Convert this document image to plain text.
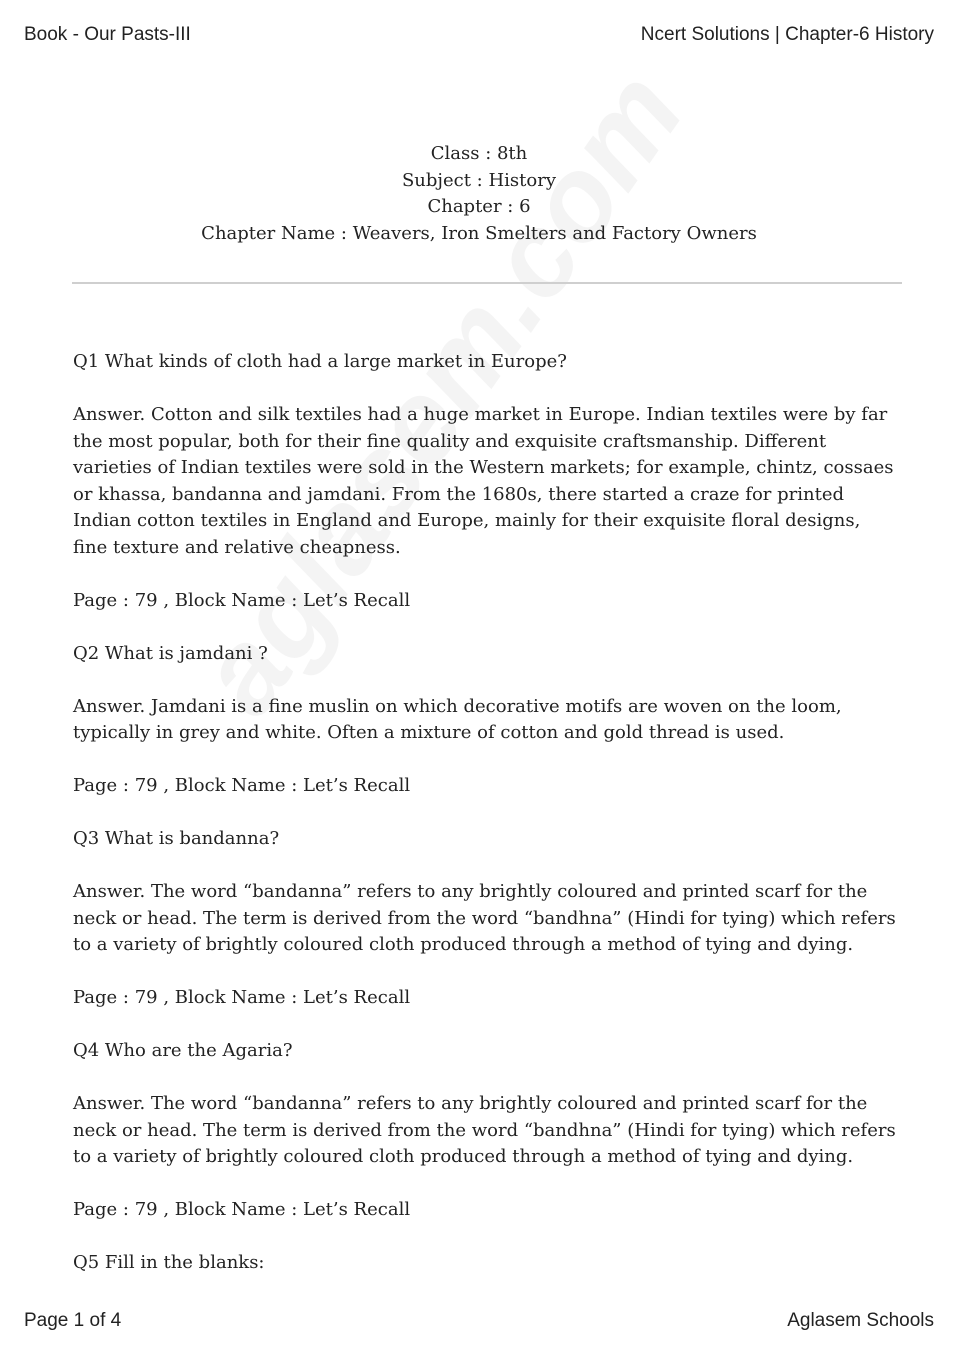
Book - Our Pasts-III	Ncert Solutions | Chapter-6 History
Class : 8th
Subject : History
Chapter : 6
Chapter Name : Weavers, Iron Smelters and Factory Owners

Q1 What kinds of cloth had a large market in Europe?

Answer. Cotton and silk textiles had a huge market in Europe. Indian textiles were by far the most popular, both for their fine quality and exquisite craftsmanship. Different varieties of Indian textiles were sold in the Western markets; for example, chintz, cossaes or khassa, bandanna and jamdani. From the 1680s, there started a craze for printed Indian cotton textiles in England and Europe, mainly for their exquisite floral designs, fine texture and relative cheapness.

Page : 79 , Block Name : Let’s Recall

Q2 What is jamdani ?

Answer. Jamdani is a fine muslin on which decorative motifs are woven on the loom, typically in grey and white. Often a mixture of cotton and gold thread is used.

Page : 79 , Block Name : Let’s Recall

Q3 What is bandanna?

Answer. The word “bandanna” refers to any brightly coloured and printed scarf for the neck or head. The term is derived from the word “bandhna” (Hindi for tying) which refers to a variety of brightly coloured cloth produced through a method of tying and dying.

Page : 79 , Block Name : Let’s Recall

Q4 Who are the Agaria?

Answer. The word “bandanna” refers to any brightly coloured and printed scarf for the neck or head. The term is derived from the word “bandhna” (Hindi for tying) which refers to a variety of brightly coloured cloth produced through a method of tying and dying.

Page : 79 , Block Name : Let’s Recall

Q5 Fill in the blanks:

Page 1 of 4	Aglasem Schools
